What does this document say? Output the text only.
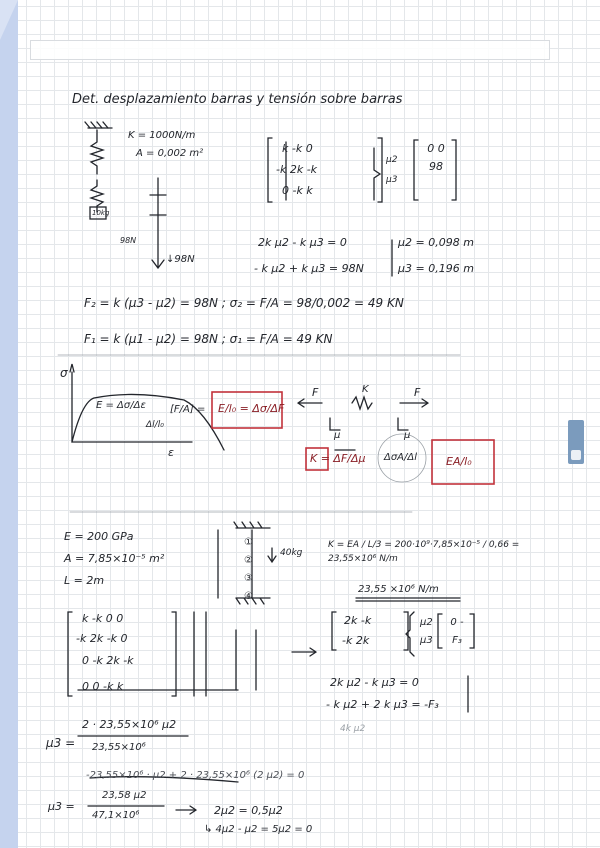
Det. desplazamiento barras y tensión sobre barras
K = 1000N/m
A = 0,002 m²
10kg
98N
↓98N
k -k 0
-k 2k -k
0 -k k
μ2 μ3
0 0 98
2k μ2 - k μ3 = 0
- k μ2 + k μ3 = 98N
μ2 = 0,098 m
μ3 = 0,196 m
F₂ = k (μ3 - μ2) = 98N ; σ₂ = F/A = 98/0,002 = 49 KN
F₁ = k (μ1 - μ2) = 98N ; σ₁ = F/A = 49 KN
σ
ε
E = Δσ/Δε
Δl/l₀
[F/A] = E/l₀ = Δσ/ΔF
F	F
K
μ	μ
K = ΔF/Δμ ΔσA/Δl	EA/l₀
E = 200 GPa
A = 7,85×10⁻⁵ m²
L = 2m
① ② ③ ④
40kg
K = EA / L/3 = 200·10⁹·7,85×10⁻⁵ / 0,66 = 23,55×10⁶ N/m
23,55 ×10⁶ N/m
k -k 0 0
-k 2k -k 0
0 -k 2k -k
0 0 -k k
2k -k
-k 2k
μ2 μ3
0 -F₃
2k μ2 - k μ3 = 0
- k μ2 + 2 k μ3 = -F₃
4k μ2
μ3 =
2 · 23,55×10⁶ μ2
23,55×10⁶
-23,55×10⁶ · μ2 + 2 · 23,55×10⁶ (2 μ2) = 0
μ3 =
23,58 μ2
47,1×10⁶	2μ2 = 0,5μ2
↳ 4μ2 - μ2 = 5μ2 = 0
